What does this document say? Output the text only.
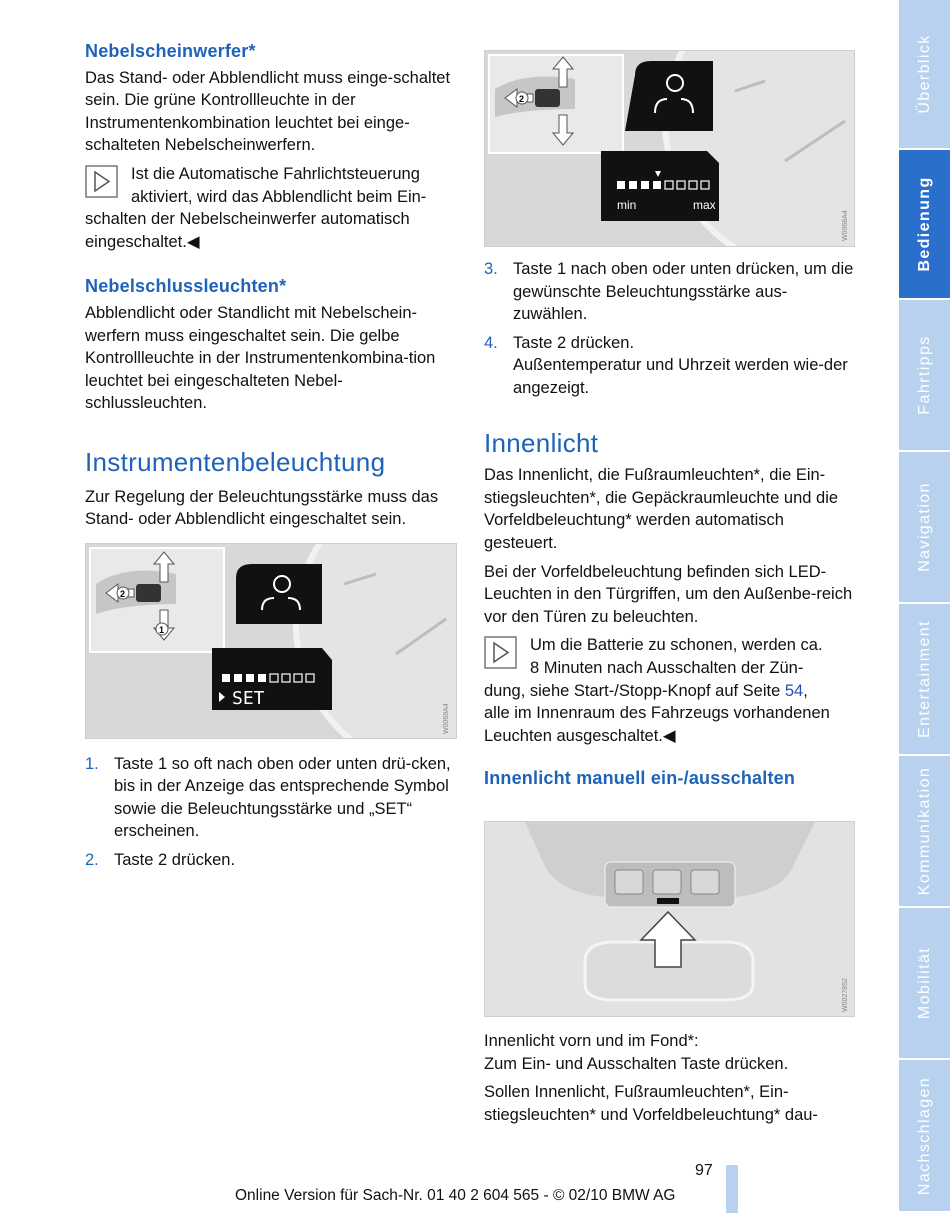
Nebelscheinwerfer*

Das Stand- oder Abblendlicht muss einge-schaltet sein. Die grüne Kontrollleuchte in der Instrumentenkombination leuchtet bei einge-schalteten Nebelscheinwerfern.

Ist die Automatische Fahrlichtsteuerung
aktiviert, wird das Abblendlicht beim Ein-
schalten der Nebelscheinwerfer automatisch
eingeschaltet.◀
Nebelschlussleuchten*

Abblendlicht oder Standlicht mit Nebelschein-werfern muss eingeschaltet sein. Die gelbe Kontrollleuchte in der Instrumentenkombina-tion leuchtet bei eingeschalteten Nebel-schlussleuchten.

Instrumentenbeleuchtung

Zur Regelung der Beleuchtungsstärke muss das Stand- oder Abblendlicht eingeschaltet sein.

2
1
SET
W0068A4
1. Taste 1 so oft nach oben oder unten drü-cken, bis in der Anzeige das entsprechende Symbol sowie die Beleuchtungsstärke und „SET“ erscheinen.
2. Taste 2 drücken.
2
min	max
W0068A4
3. Taste 1 nach oben oder unten drücken, um die gewünschte Beleuchtungsstärke aus-zuwählen.
4. Taste 2 drücken.
Außentemperatur und Uhrzeit werden wie-der angezeigt.
Innenlicht

Das Innenlicht, die Fußraumleuchten*, die Ein-stiegsleuchten*, die Gepäckraumleuchte und die Vorfeldbeleuchtung* werden automatisch gesteuert.

Bei der Vorfeldbeleuchtung befinden sich LED-Leuchten in den Türgriffen, um den Außenbe-reich vor den Türen zu beleuchten.

Um die Batterie zu schonen, werden ca.
8 Minuten nach Ausschalten der Zün-
dung, siehe Start-/Stopp-Knopf auf Seite 54,
alle im Innenraum des Fahrzeugs vorhandenen
Leuchten ausgeschaltet.◀
Innenlicht manuell ein-/ausschalten
W0027852
Innenlicht vorn und im Fond*:
Zum Ein- und Ausschalten Taste drücken.

Sollen Innenlicht, Fußraumleuchten*, Ein-stiegsleuchten* und Vorfeldbeleuchtung* dau-

Überblick
Bedienung
Fahrtipps
Navigation
Entertainment
Kommunikation
Mobilität
Nachschlagen
97
Online Version für Sach-Nr. 01 40 2 604 565 - © 02/10 BMW AG
